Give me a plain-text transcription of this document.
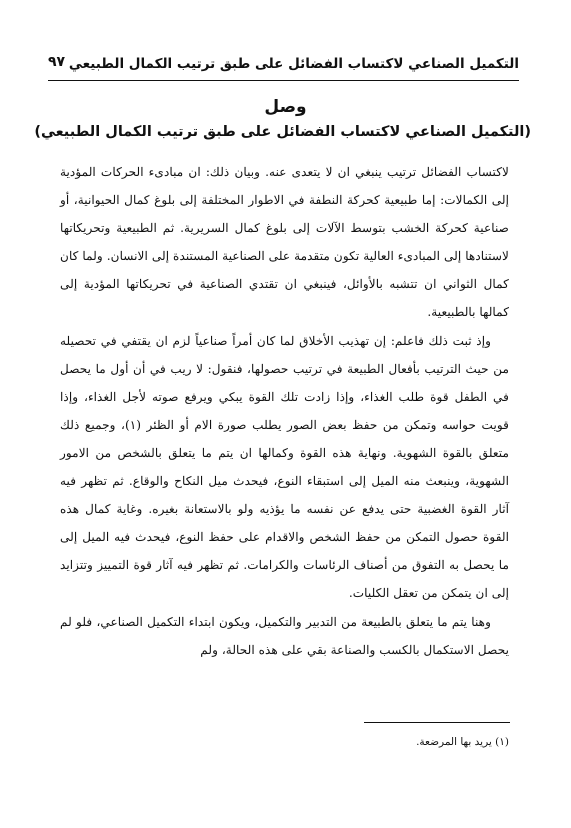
التكميل الصناعي لاكتساب الفضائل على طبق ترتيب الكمال الطبيعي
٩٧
وصل
(التكميل الصناعي لاكتساب الفضائل على طبق ترتيب الكمال الطبيعي)

لاكتساب الفضائل ترتيب ينبغي ان لا يتعدى عنه. وبيان ذلك: ان مبادىء الحركات المؤدية إلى الكمالات: إما طبيعية كحركة النطفة في الاطوار المختلفة إلى بلوغ كمال الحيوانية، أو صناعية كحركة الخشب بتوسط الآلات إلى بلوغ كمال السريرية. ثم الطبيعية وتحريكاتها لاستنادها إلى المبادىء العالية تكون متقدمة على الصناعية المستندة إلى الانسان. ولما كان كمال الثواني ان تتشبه بالأوائل، فينبغي ان تقتدي الصناعية في تحريكاتها المؤدية إلى كمالها بالطبيعية.

وإذ ثبت ذلك فاعلم: إن تهذيب الأخلاق لما كان أمراً صناعياً لزم ان يقتفي في تحصيله من حيث الترتيب بأفعال الطبيعة في ترتيب حصولها، فنقول: لا ريب في أن أول ما يحصل في الطفل قوة طلب الغذاء، وإذا زادت تلك القوة يبكي ويرفع صوته لأجل الغذاء، وإذا قويت حواسه وتمكن من حفظ بعض الصور يطلب صورة الام أو الظئر (١)، وجميع ذلك متعلق بالقوة الشهوية. ونهاية هذه القوة وكمالها ان يتم ما يتعلق بالشخص من الامور الشهوية، وينبعث منه الميل إلى استبقاء النوع، فيحدث ميل النكاح والوقاع. ثم تظهر فيه آثار القوة الغضبية حتى يدفع عن نفسه ما يؤذيه ولو بالاستعانة بغيره. وغاية كمال هذه القوة حصول التمكن من حفظ الشخص والاقدام على حفظ النوع، فيحدث فيه الميل إلى ما يحصل به التفوق من أصناف الرئاسات والكرامات. ثم تظهر فيه آثار قوة التمييز وتتزايد إلى ان يتمكن من تعقل الكليات.

وهنا يتم ما يتعلق بالطبيعة من التدبير والتكميل، ويكون ابتداء التكميل الصناعي، فلو لم يحصل الاستكمال بالكسب والصناعة بقي على هذه الحالة، ولم

(١) يريد بها المرضعة.
